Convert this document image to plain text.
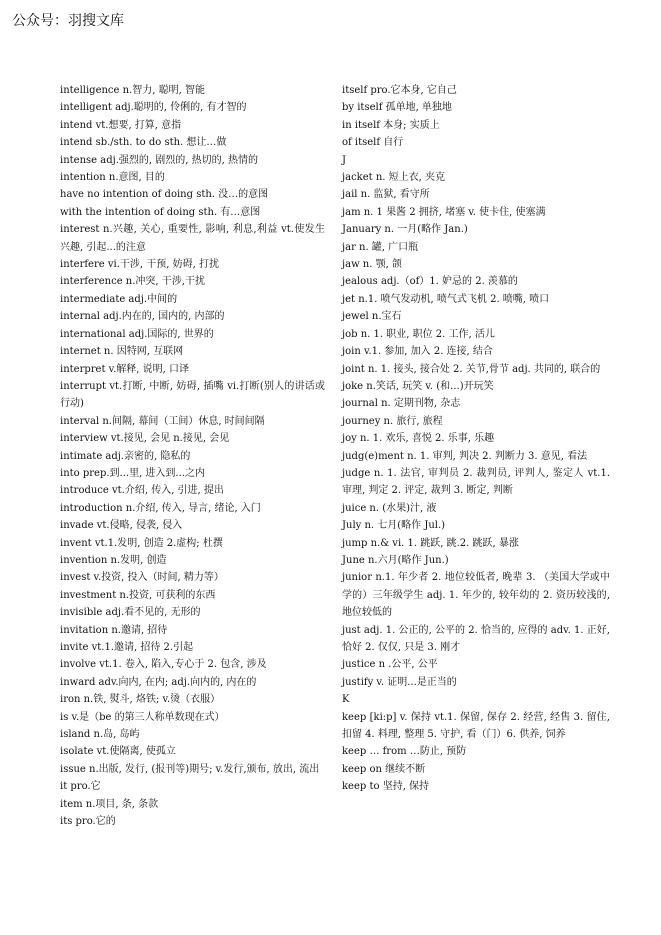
公众号：羽搜文库
intelligence n.智力, 聪明, 智能
intelligent adj.聪明的, 伶俐的, 有才智的
intend vt.想要, 打算, 意指
intend sb./sth. to do sth. 想让…做
intense adj.强烈的, 剧烈的, 热切的, 热情的
intention n.意图, 目的
have no intention of doing sth. 没…的意图
with the intention of doing sth. 有…意图
interest n.兴趣, 关心, 重要性, 影响, 利息,利益 vt.使发生兴趣, 引起...的注意
interfere vi.干涉, 干预, 妨碍, 打扰
interference n.冲突, 干涉,干扰
intermediate adj.中间的
internal adj.内在的, 国内的, 内部的
international adj.国际的, 世界的
internet n. 因特网, 互联网
interpret v.解释, 说明, 口译
interrupt vt.打断, 中断, 妨碍, 插嘴 vi.打断(别人的讲话或行动)
interval n.间隔, 幕间（工间）休息, 时间间隔
interview vt.接见, 会见 n.接见, 会见
intimate adj.亲密的, 隐私的
into prep.到...里, 进入到...之内
introduce vt.介绍, 传入, 引进, 提出
introduction n.介绍, 传入, 导言, 绪论, 入门
invade vt.侵略, 侵袭, 侵入
invent vt.1.发明, 创造 2.虚构; 杜撰
invention n.发明, 创造
invest v.投资, 投入（时间, 精力等）
investment n.投资, 可获利的东西
invisible adj.看不见的, 无形的
invitation n.邀请, 招待
invite vt.1.邀请, 招待 2.引起
involve vt.1. 卷入, 陷入,专心于 2. 包含, 涉及
inward adv.向内, 在内; adj.向内的, 内在的
iron n.铁, 熨斗, 烙铁; v.烫（衣服）
is v.是（be 的第三人称单数现在式）
island n.岛, 岛屿
isolate vt.使隔离, 使孤立
issue n.出版, 发行, (报刊等)期号; v.发行,颁布, 放出, 流出
it pro.它
item n.项目, 条, 条款
its pro.它的
itself pro.它本身, 它自己
by itself 孤单地, 单独地
in itself 本身; 实质上
of itself 自行
J
jacket n. 短上衣, 夹克
jail n. 监狱, 看守所
jam n. 1 果酱 2 拥挤, 堵塞 v. 使卡住, 使塞满
January n. 一月(略作 Jan.)
jar n. 罐, 广口瓶
jaw n. 颚, 颌
jealous adj.（of）1. 妒忌的 2. 羡慕的
jet n.1. 喷气发动机, 喷气式飞机 2. 喷嘴, 喷口
jewel n.宝石
job n. 1. 职业, 职位 2. 工作, 活儿
join v.1. 参加, 加入 2. 连接, 结合
joint n. 1. 接头, 接合处 2. 关节,骨节 adj. 共同的, 联合的
joke n.笑话, 玩笑 v. (和...)开玩笑
journal n. 定期刊物, 杂志
journey n. 旅行, 旅程
joy n. 1. 欢乐, 喜悦 2. 乐事, 乐趣
judg(e)ment n. 1. 审判, 判决 2. 判断力 3. 意见, 看法
judge n. 1. 法官, 审判员 2. 裁判员, 评判人, 鉴定人 vt.1. 审理, 判定 2. 评定, 裁判 3. 断定, 判断
juice n. (水果)汁, 液
July n. 七月(略作 Jul.)
jump n.& vi. 1. 跳跃, 跳.2. 跳跃, 暴涨
June n.六月(略作 Jun.)
junior n.1. 年少者 2. 地位较低者, 晚辈 3. （美国大学或中学的）三年级学生 adj. 1. 年少的, 较年幼的 2. 资历较浅的, 地位较低的
just adj. 1. 公正的, 公平的 2. 恰当的, 应得的 adv. 1. 正好, 恰好 2. 仅仅, 只是 3. 刚才
justice n .公平, 公平
justify v. 证明...是正当的
K
keep [ki:p] v. 保持 vt.1. 保留, 保存 2. 经营, 经售 3. 留住, 扣留 4. 料理, 整理 5. 守护, 看（门）6. 供养, 饲养
keep … from …防止, 预防
keep on 继续不断
keep to 坚持, 保持
